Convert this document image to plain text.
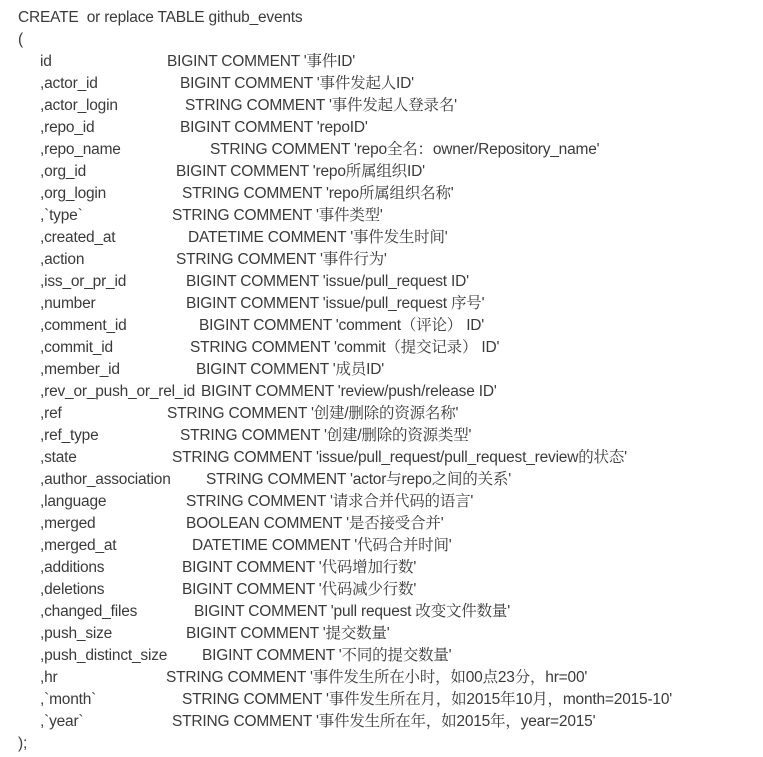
CREATE  or replace TABLE github_events
(
id	BIGINT COMMENT '事件ID'
,actor_id	BIGINT COMMENT '事件发起人ID'
,actor_login	STRING COMMENT '事件发起人登录名'
,repo_id	BIGINT COMMENT 'repoID'
,repo_name	STRING COMMENT 'repo全名：owner/Repository_name'
,org_id	BIGINT COMMENT 'repo所属组织ID'
,org_login	STRING COMMENT 'repo所属组织名称'
,`type`	STRING COMMENT '事件类型'
,created_at	DATETIME COMMENT '事件发生时间'
,action	STRING COMMENT '事件行为'
,iss_or_pr_id	BIGINT COMMENT 'issue/pull_request ID'
,number	BIGINT COMMENT 'issue/pull_request 序号'
,comment_id	BIGINT COMMENT 'comment（评论） ID'
,commit_id	STRING COMMENT 'commit（提交记录） ID'
,member_id	BIGINT COMMENT '成员ID'
,rev_or_push_or_rel_id BIGINT COMMENT 'review/push/release ID'
,ref	STRING COMMENT '创建/删除的资源名称'
,ref_type	STRING COMMENT '创建/删除的资源类型'
,state	STRING COMMENT 'issue/pull_request/pull_request_review的状态'
,author_association STRING COMMENT 'actor与repo之间的关系'
,language	STRING COMMENT '请求合并代码的语言'
,merged	BOOLEAN COMMENT '是否接受合并'
,merged_at	DATETIME COMMENT '代码合并时间'
,additions	BIGINT COMMENT '代码增加行数'
,deletions	BIGINT COMMENT '代码减少行数'
,changed_files	BIGINT COMMENT 'pull request 改变文件数量'
,push_size	BIGINT COMMENT '提交数量'
,push_distinct_size BIGINT COMMENT '不同的提交数量'
,hr	STRING COMMENT '事件发生所在小时，如00点23分，hr=00'
,`month`	STRING COMMENT '事件发生所在月，如2015年10月，month=2015-10'
,`year`	STRING COMMENT '事件发生所在年，如2015年，year=2015'
);
